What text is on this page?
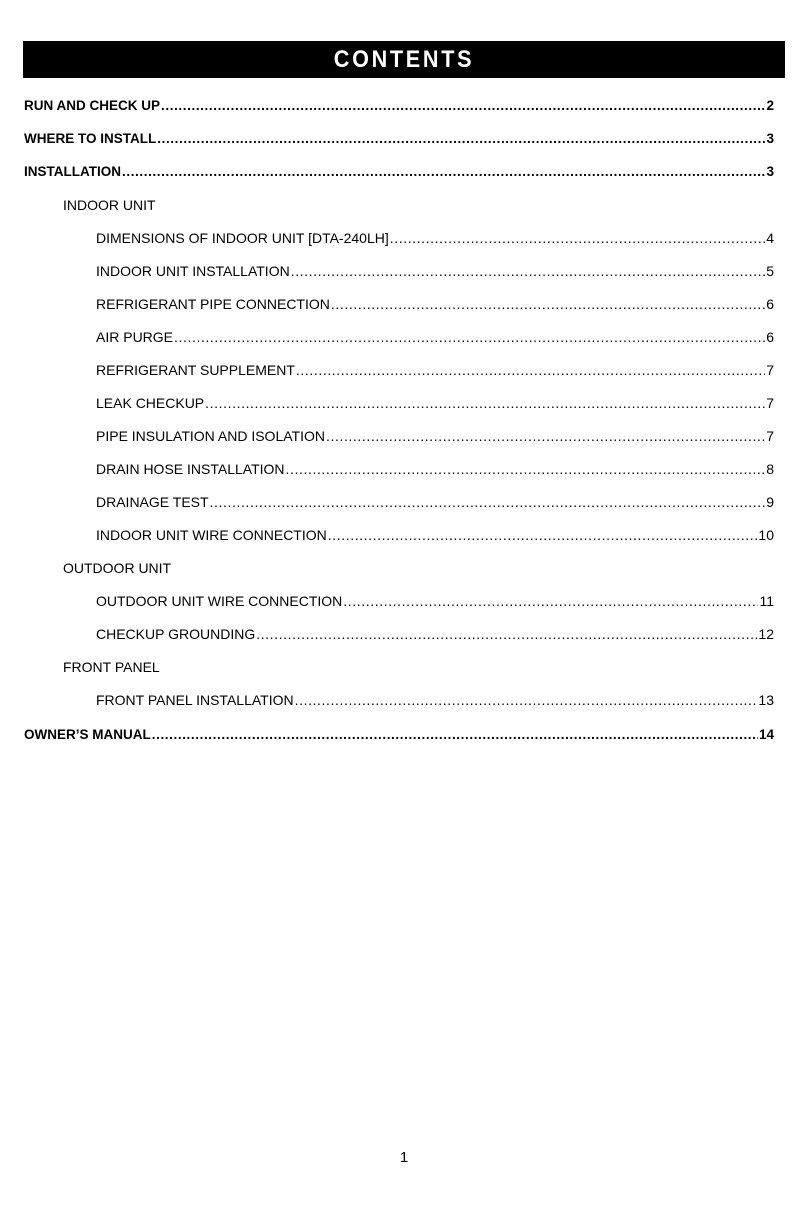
CONTENTS
RUN AND CHECK UP .....	2
WHERE TO INSTALL .....	3
INSTALLATION .....	3
INDOOR UNIT
DIMENSIONS OF INDOOR UNIT [DTA-240LH] .....	4
INDOOR UNIT INSTALLATION .....	5
REFRIGERANT PIPE CONNECTION .....	6
AIR PURGE .....	6
REFRIGERANT SUPPLEMENT .....	7
LEAK CHECKUP .....	7
PIPE INSULATION AND ISOLATION .....	7
DRAIN HOSE INSTALLATION .....	8
DRAINAGE TEST .....	9
INDOOR UNIT WIRE CONNECTION .....	10
OUTDOOR UNIT
OUTDOOR UNIT WIRE CONNECTION .....	11
CHECKUP GROUNDING .....	12
FRONT PANEL
FRONT PANEL INSTALLATION .....	13
OWNER’S MANUAL .....	14
1
